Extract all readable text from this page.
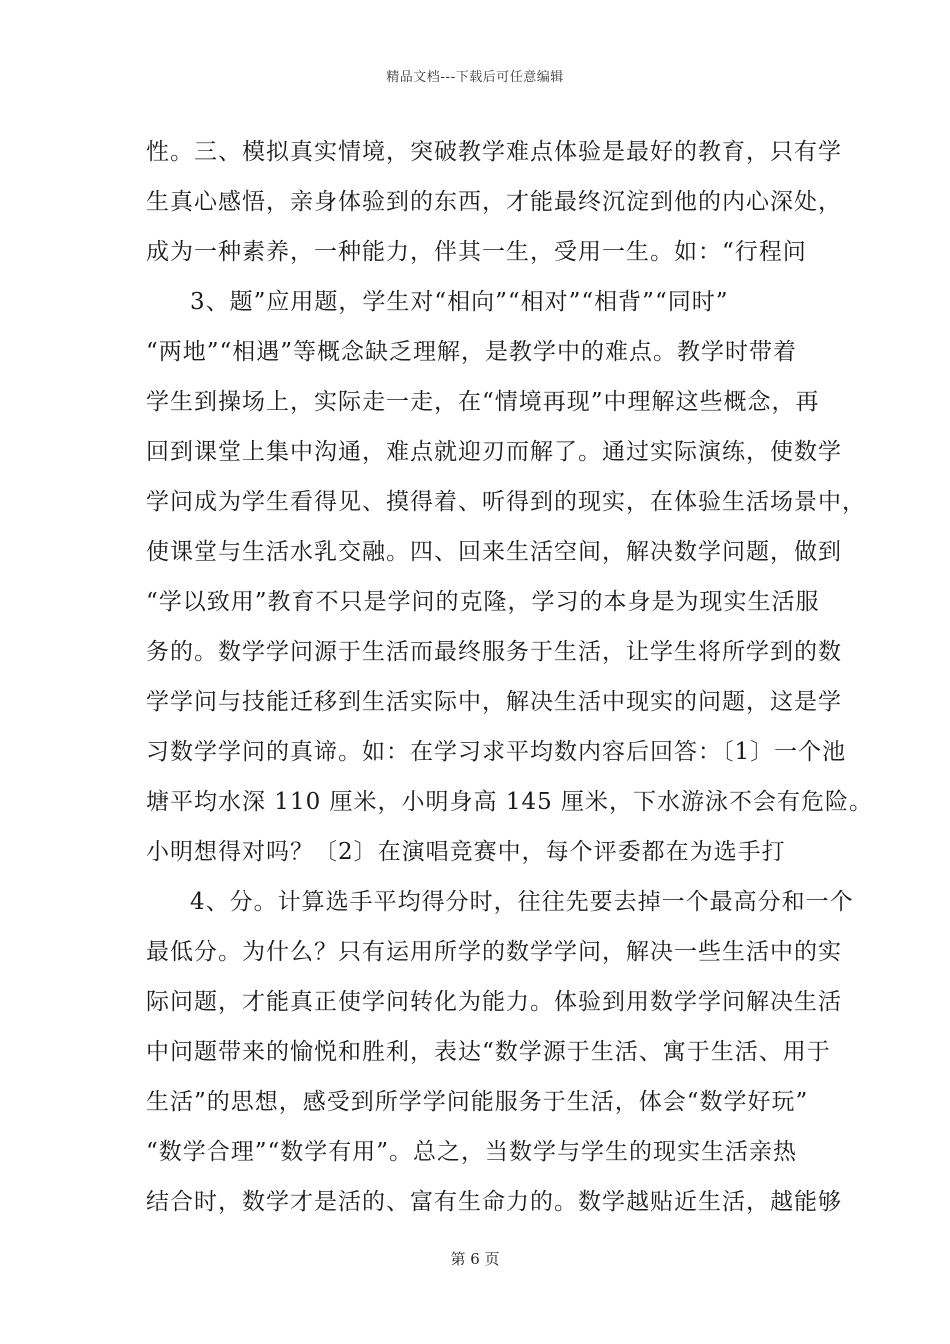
精品文档---下载后可任意编辑
性。三、模拟真实情境，突破教学难点体验是最好的教育，只有学
生真心感悟，亲身体验到的东西，才能最终沉淀到他的内心深处，
成为一种素养，一种能力，伴其一生，受用一生。如：“行程问
3、题”应用题，学生对“相向”“相对”“相背”“同时”
“两地”“相遇”等概念缺乏理解，是教学中的难点。教学时带着
学生到操场上，实际走一走，在“情境再现”中理解这些概念，再
回到课堂上集中沟通，难点就迎刃而解了。通过实际演练，使数学
学问成为学生看得见、摸得着、听得到的现实，在体验生活场景中，
使课堂与生活水乳交融。四、回来生活空间，解决数学问题，做到
“学以致用”教育不只是学问的克隆，学习的本身是为现实生活服
务的。数学学问源于生活而最终服务于生活，让学生将所学到的数
学学问与技能迁移到生活实际中，解决生活中现实的问题，这是学
习数学学问的真谛。如：在学习求平均数内容后回答：〔1〕一个池
塘平均水深 110 厘米，小明身高 145 厘米，下水游泳不会有危险。
小明想得对吗？〔2〕在演唱竞赛中，每个评委都在为选手打
4、分。计算选手平均得分时，往往先要去掉一个最高分和一个
最低分。为什么？只有运用所学的数学学问，解决一些生活中的实
际问题，才能真正使学问转化为能力。体验到用数学学问解决生活
中问题带来的愉悦和胜利，表达“数学源于生活、寓于生活、用于
生活”的思想，感受到所学学问能服务于生活，体会“数学好玩”
“数学合理”“数学有用”。总之，当数学与学生的现实生活亲热
结合时，数学才是活的、富有生命力的。数学越贴近生活，越能够
第 6 页
